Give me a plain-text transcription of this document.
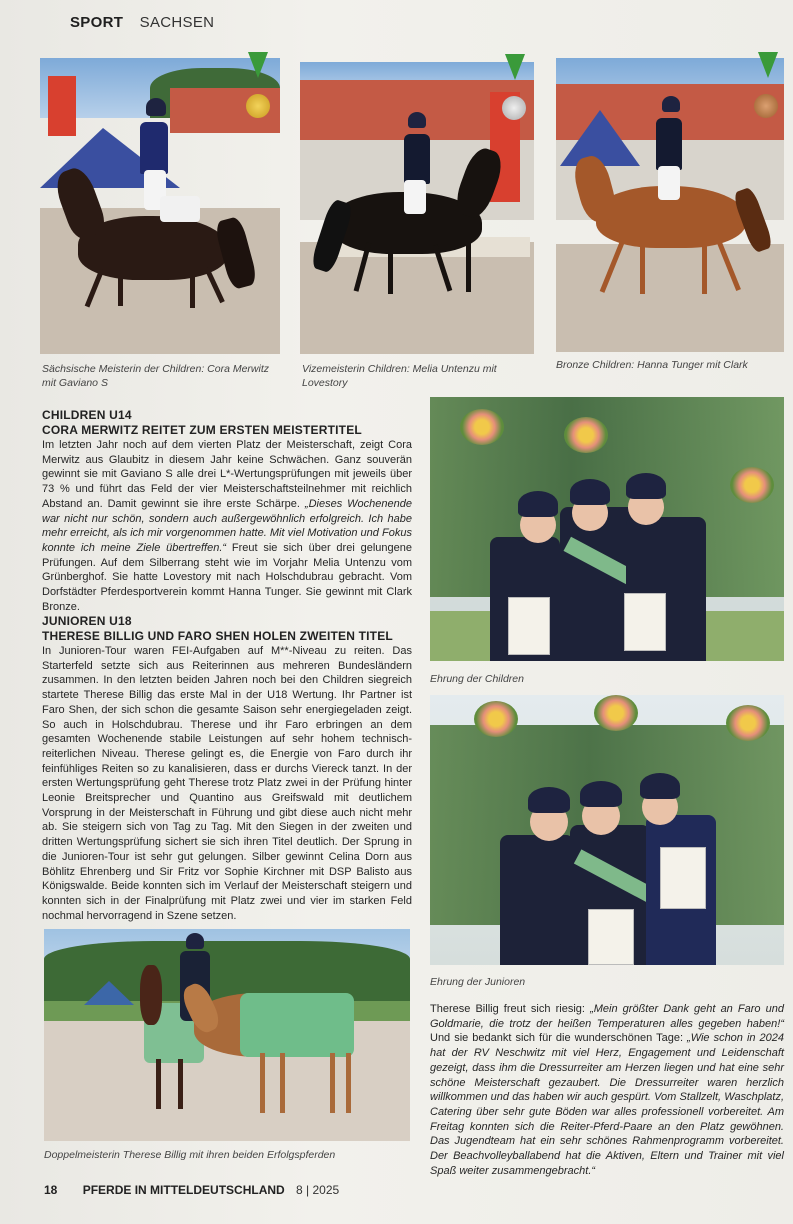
SPORT SACHSEN
Sächsische Meisterin der Children: Cora Merwitz mit Gaviano S
Vizemeisterin Children: Melia Untenzu mit Lovestory
Bronze Children: Hanna Tunger mit Clark
CHILDREN U14
CORA MERWITZ REITET ZUM ERSTEN MEISTERTITEL
Im letzten Jahr noch auf dem vierten Platz der Meisterschaft, zeigt Cora Merwitz aus Glaubitz in diesem Jahr keine Schwächen. Ganz souverän gewinnt sie mit Gaviano S alle drei L*-Wertungsprüfungen mit jeweils über 73 % und führt das Feld der vier Meisterschaftsteilnehmer mit reichlich Abstand an. Damit gewinnt sie ihre erste Schärpe. „Dieses Wochenende war nicht nur schön, sondern auch außergewöhnlich erfolgreich. Ich habe mehr erreicht, als ich mir vorgenommen hatte. Mit viel Motivation und Fokus konnte ich meine Ziele übertreffen.“ Freut sie sich über drei gelungene Prüfungen. Auf dem Silberrang steht wie im Vorjahr Melia Untenzu vom Grünberghof. Sie hatte Lovestory mit nach Holschdubrau gebracht. Vom Dorfstädter Pferdesportverein kommt Hanna Tunger. Sie gewinnt mit Clark Bronze.
JUNIOREN U18
THERESE BILLIG UND FARO SHEN HOLEN ZWEITEN TITEL
In Junioren-Tour waren FEI-Aufgaben auf M**-Niveau zu reiten. Das Starterfeld setzte sich aus Reiterinnen aus mehreren Bundesländern zusammen. In den letzten beiden Jahren noch bei den Children siegreich startete Therese Billig das erste Mal in der U18 Wertung. Ihr Partner ist Faro Shen, der sich schon die gesamte Saison sehr energiegeladen zeigt. So auch in Holschdubrau. Therese und ihr Faro erbringen an dem gesamten Wochenende stabile Leistungen auf sehr hohem technisch-reiterlichen Niveau. Therese gelingt es, die Energie von Faro durch ihr feinfühliges Reiten so zu kanalisieren, dass er durchs Viereck tanzt. In der ersten Wertungsprüfung geht Therese trotz Platz zwei in der Prüfung hinter Leonie Breitsprecher und Quantino aus Greifswald mit deutlichem Vorsprung in der Meisterschaft in Führung und gibt diese auch nicht mehr ab. Sie steigern sich von Tag zu Tag. Mit den Siegen in der zweiten und dritten Wertungsprüfung sichert sie sich ihren Titel deutlich. Der Sprung in die Junioren-Tour ist sehr gut gelungen. Silber gewinnt Celina Dorn aus Böhlitz Ehrenberg und Sir Fritz vor Sophie Kirchner mit DSP Balisto aus Königswalde. Beide konnten sich im Verlauf der Meisterschaft steigern und konnten sich in der Finalprüfung mit Platz zwei und vier im starken Feld nochmal hervorragend in Szene setzen.
Ehrung der Children
Ehrung der Junioren
Therese Billig freut sich riesig: „Mein größter Dank geht an Faro und Goldmarie, die trotz der heißen Temperaturen alles gegeben haben!“ Und sie bedankt sich für die wunderschönen Tage: „Wie schon in 2024 hat der RV Neschwitz mit viel Herz, Engagement und Leidenschaft gezeigt, dass ihm die Dressurreiter am Herzen liegen und hat eine sehr schöne Meisterschaft gezaubert. Die Dressurreiter waren herzlich willkommen und das haben wir auch gespürt. Vom Stallzelt, Waschplatz, Catering über sehr gute Böden war alles professionell vorbereitet. Am Freitag konnten sich die Reiter-Pferd-Paare an den Platz gewöhnen. Das Jugendteam hat ein sehr schönes Rahmenprogramm vorbereitet. Der Beachvolleyballabend hat die Aktiven, Eltern und Trainer mit viel Spaß weiter zusammengebracht.“
Doppelmeisterin Therese Billig mit ihren beiden Erfolgspferden
18 PFERDE IN MITTELDEUTSCHLAND 8 | 2025
